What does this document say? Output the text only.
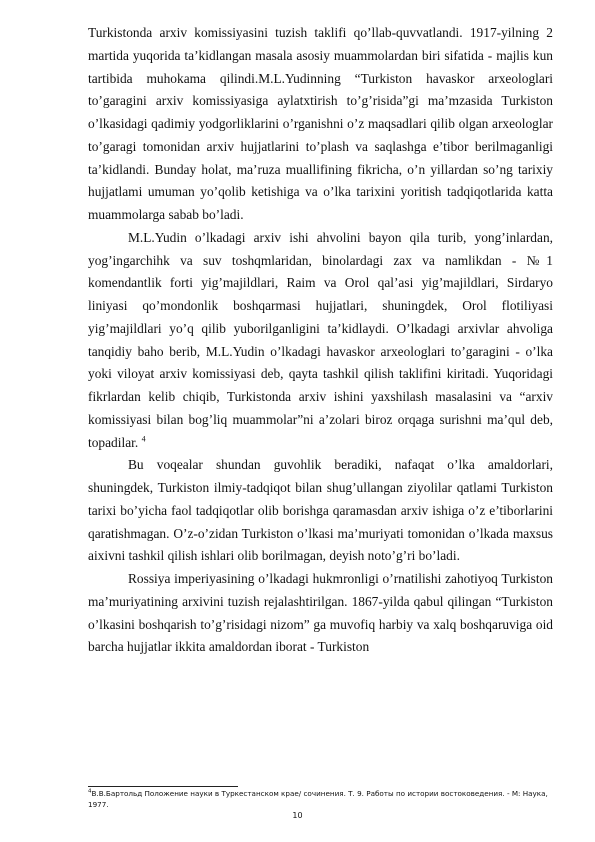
Turkistonda arxiv komissiyasini tuzish taklifi qo’llab-quvvatlandi. 1917-yilning 2 martida yuqorida ta’kidlangan masala asosiy muammolardan biri sifatida - majlis kun tartibida muhokama qilindi.M.L.Yudinning “Turkiston havaskor arxeologlari to’garagini arxiv komissiyasiga aylatxtirish to’g’risida”gi ma’mzasida Turkiston o’lkasidagi qadimiy yodgorliklarini o’rganishni o’z maqsadlari qilib olgan arxeologlar to’garagi tomonidan arxiv hujjatlarini to’plash va saqlashga e’tibor berilmaganligi ta’kidlandi. Bunday holat, ma’ruza muallifining fikricha, o’n yillardan so’ng tarixiy hujjatlami umuman yo’qolib ketishiga va o’lka tarixini yoritish tadqiqotlarida katta muammolarga sabab bo’ladi.

M.L.Yudin o’lkadagi arxiv ishi ahvolini bayon qila turib, yong’inlardan, yog’ingarchihk va suv toshqmlaridan, binolardagi zax va namlikdan - №1 komendantlik forti yig’majildlari, Raim va Orol qal’asi yig’majildlari, Sirdaryo liniyasi qo’mondonlik boshqarmasi hujjatlari, shuningdek, Orol flotiliyasi yig’majildlari yo’q qilib yuborilganligini ta’kidlaydi. O’lkadagi arxivlar ahvoliga tanqidiy baho berib, M.L.Yudin o’lkadagi havaskor arxeologlari to’garagini - o’lka yoki viloyat arxiv komissiyasi deb, qayta tashkil qilish taklifini kiritadi. Yuqoridagi fikrlardan kelib chiqib, Turkistonda arxiv ishini yaxshilash masalasini va “arxiv komissiyasi bilan bog’liq muammolar”ni a’zolari biroz orqaga surishni ma’qul deb, topadilar. $^4$

Bu voqealar shundan guvohlik beradiki, nafaqat o’lka amaldorlari, shuningdek, Turkiston ilmiy-tadqiqot bilan shug’ullangan ziyolilar qatlami Turkiston tarixi bo’yicha faol tadqiqotlar olib borishga qaramasdan arxiv ishiga o’z e’tiborlarini qaratishmagan. O’z-o’zidan Turkiston o’lkasi ma’muriyati tomonidan o’lkada maxsus aixivni tashkil qilish ishlari olib borilmagan, deyish noto’g’ri bo’ladi.

Rossiya imperiyasining o’lkadagi hukmronligi o’rnatilishi zahotiyoq Turkiston ma’muriyatining arxivini tuzish rejalashtirilgan. 1867-yilda qabul qilingan “Turkiston o’lkasini boshqarish to’g’risidagi nizom” ga muvofiq harbiy va xalq boshqaruviga oid barcha hujjatlar ikkita amaldordan iborat - Turkiston

$^4$В.В.Бартольд Положение науки в Туркестанском крае/ сочинения. Т. 9. Работы по истории востоковедения. - М: Наука, 1977.
10
